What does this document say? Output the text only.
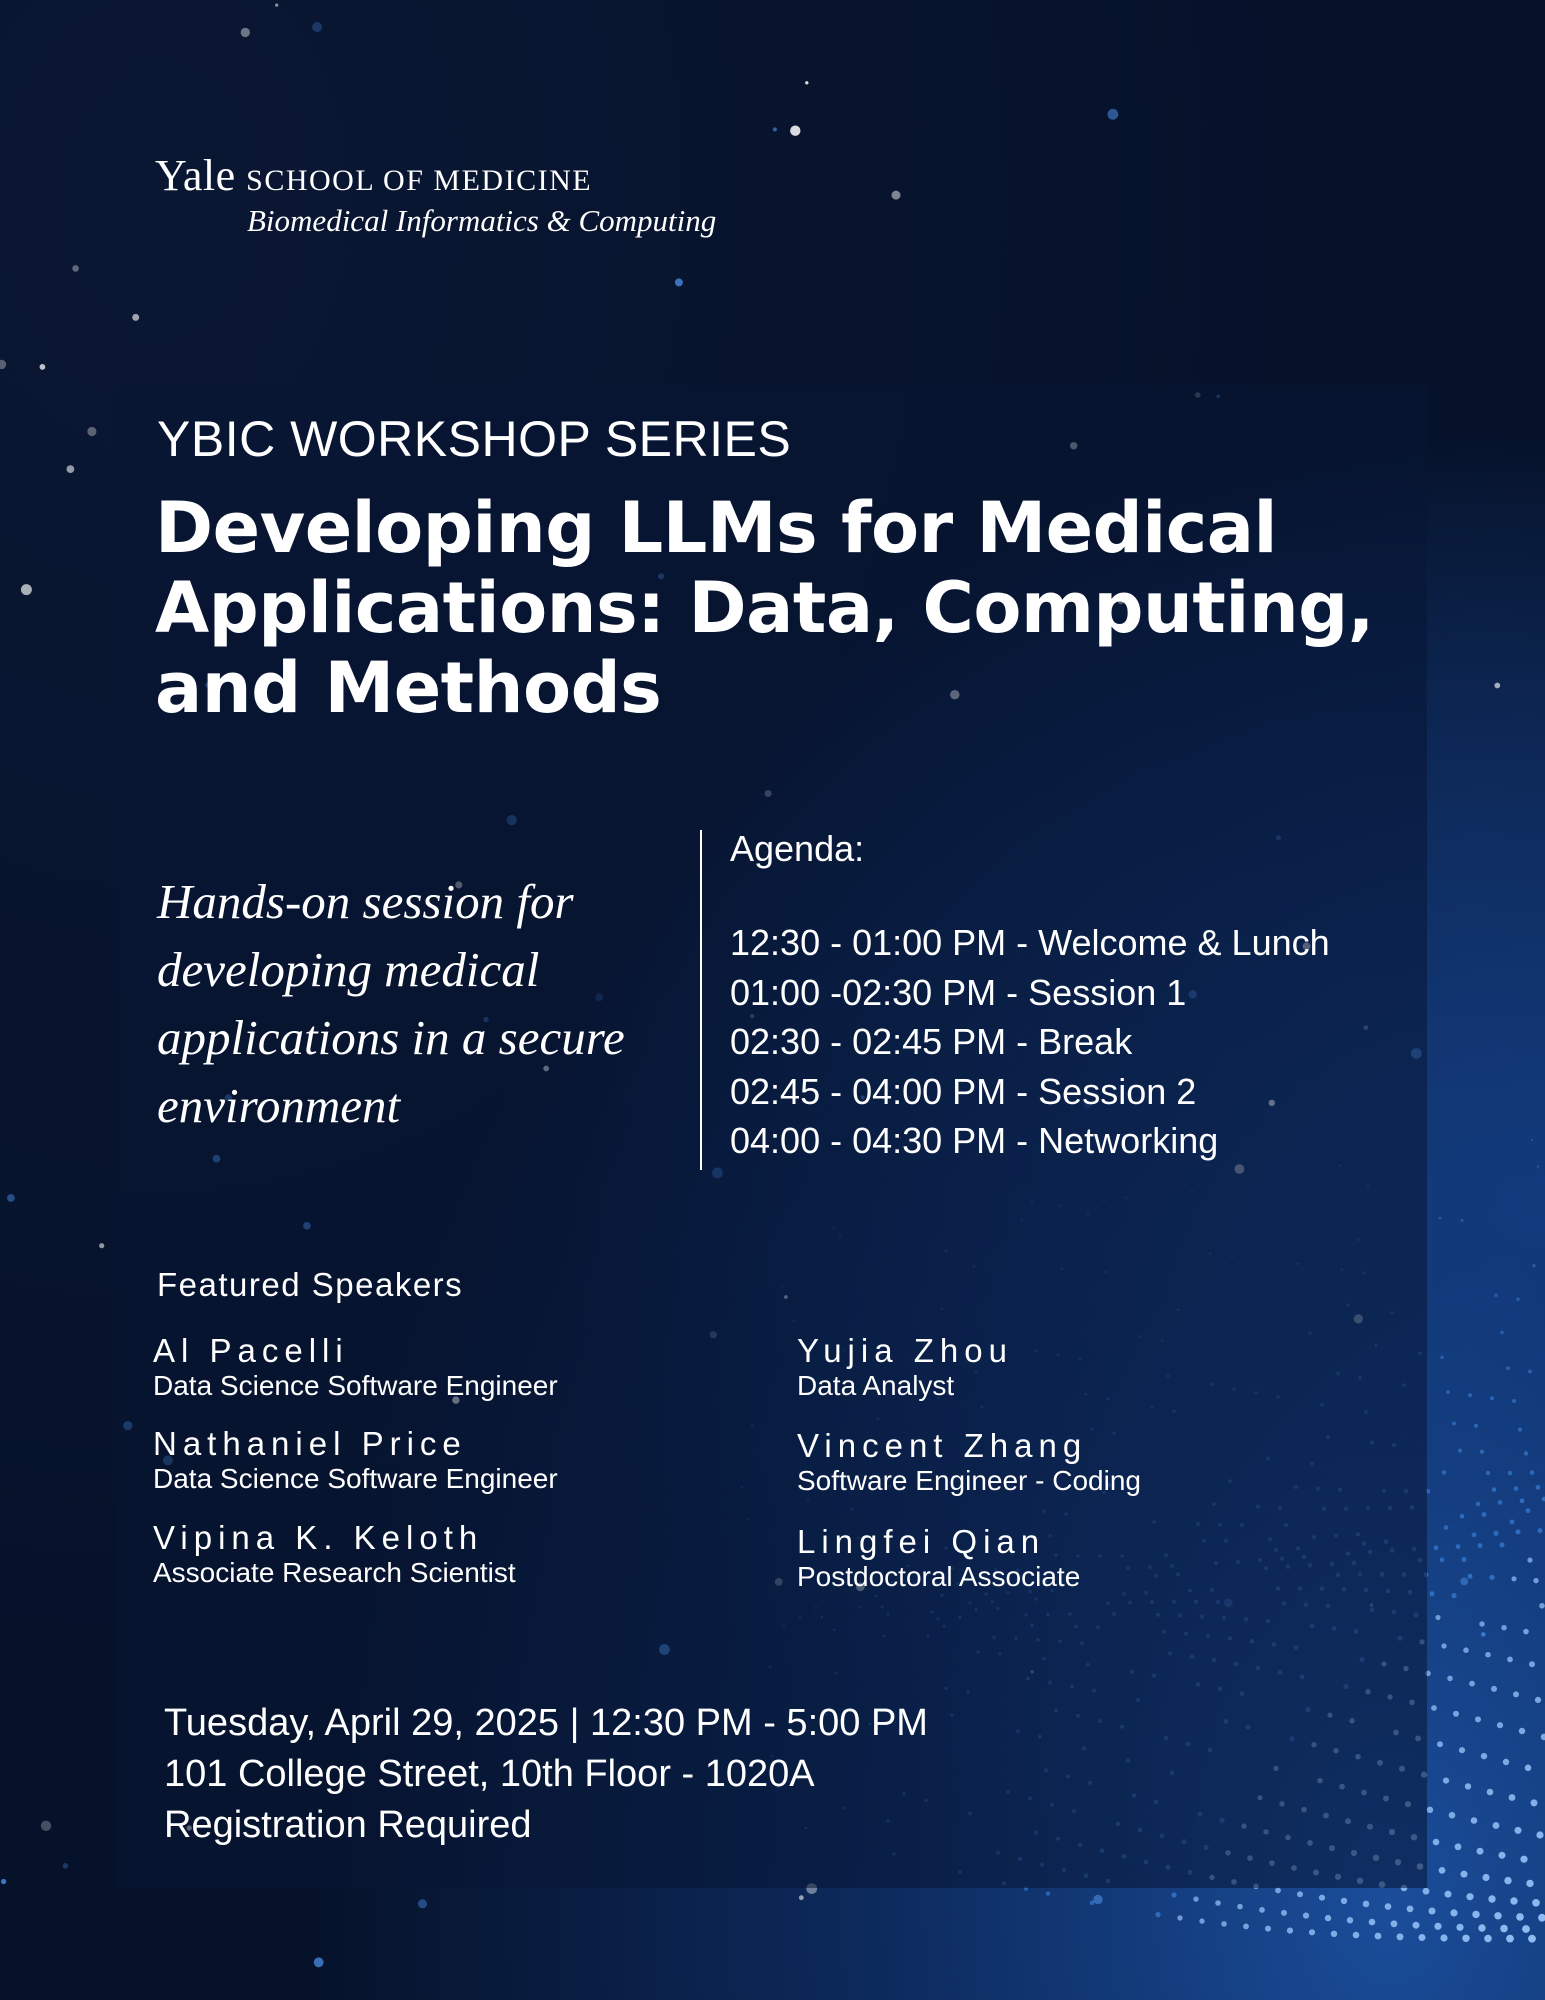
Yale SCHOOL OF MEDICINE
Biomedical Informatics & Computing
YBIC WORKSHOP SERIES
Developing LLMs for Medical
Applications: Data, Computing,
and Methods
Hands-on session for
developing medical
applications in a secure
environment
Agenda:
12:30 - 01:00 PM - Welcome & Lunch
01:00 -02:30 PM - Session 1
02:30 - 02:45 PM - Break
02:45 - 04:00 PM - Session 2
04:00 - 04:30 PM - Networking
Featured Speakers
Al Pacelli
Data Science Software Engineer
Nathaniel Price
Data Science Software Engineer
Vipina K. Keloth
Associate Research Scientist
Yujia Zhou
Data Analyst
Vincent Zhang
Software Engineer - Coding
Lingfei Qian
Postdoctoral Associate
Tuesday, April 29, 2025 | 12:30 PM - 5:00 PM
101 College Street, 10th Floor - 1020A
Registration Required
